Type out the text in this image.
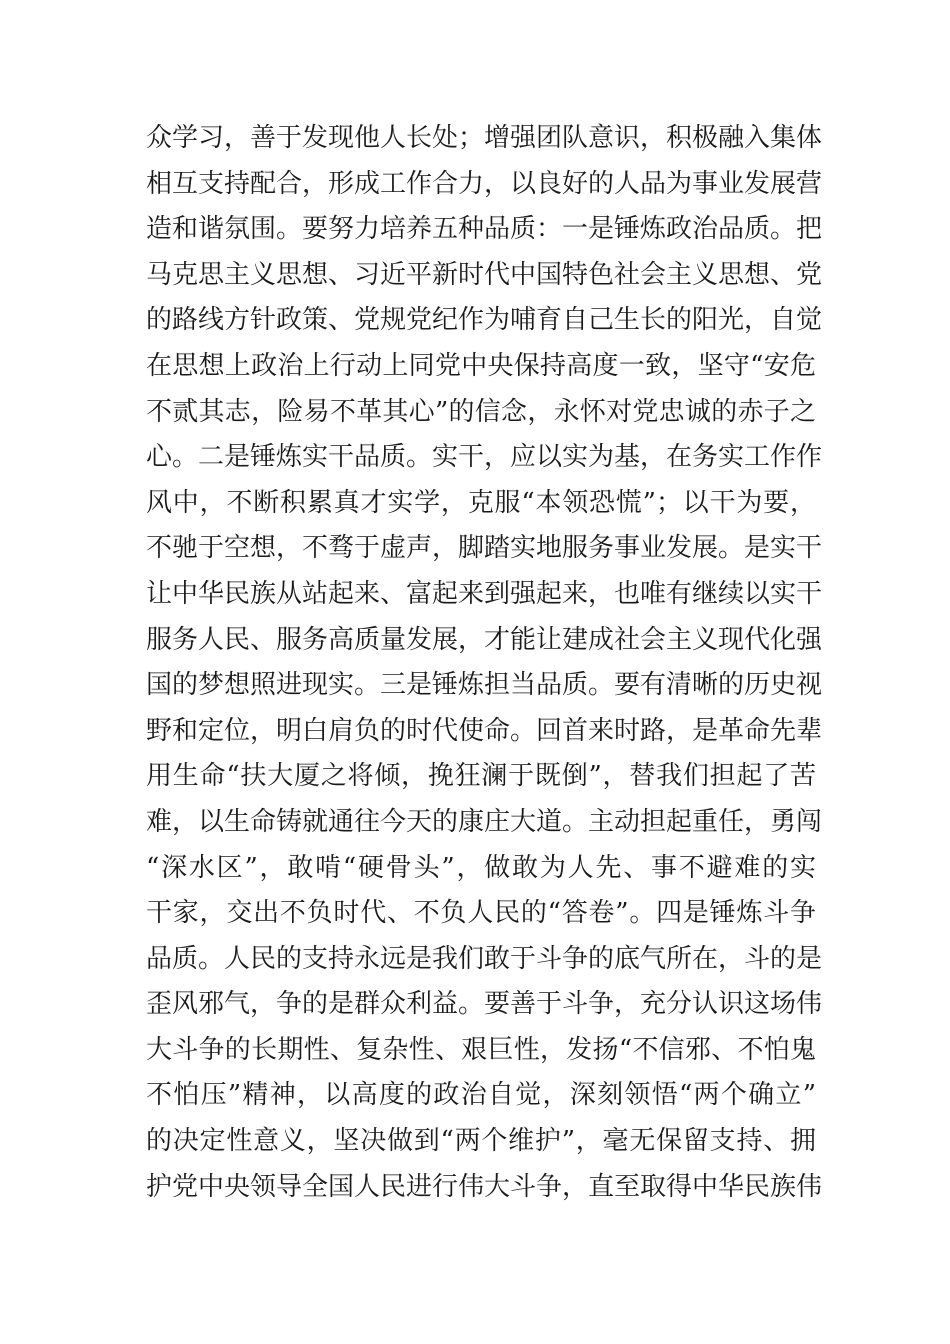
众学习，善于发现他人长处；增强团队意识，积极融入集体
相互支持配合，形成工作合力，以良好的人品为事业发展营
造和谐氛围。要努力培养五种品质：一是锤炼政治品质。把
马克思主义思想、习近平新时代中国特色社会主义思想、党
的路线方针政策、党规党纪作为哺育自己生长的阳光，自觉
在思想上政治上行动上同党中央保持高度一致，坚守“安危
不贰其志，险易不革其心”的信念，永怀对党忠诚的赤子之
心。二是锤炼实干品质。实干，应以实为基，在务实工作作
风中，不断积累真才实学，克服“本领恐慌”；以干为要，
不驰于空想，不骛于虚声，脚踏实地服务事业发展。是实干
让中华民族从站起来、富起来到强起来，也唯有继续以实干
服务人民、服务高质量发展，才能让建成社会主义现代化强
国的梦想照进现实。三是锤炼担当品质。要有清晰的历史视
野和定位，明白肩负的时代使命。回首来时路，是革命先辈
用生命“扶大厦之将倾，挽狂澜于既倒”，替我们担起了苦
难，以生命铸就通往今天的康庄大道。主动担起重任，勇闯
“深水区”，敢啃“硬骨头”，做敢为人先、事不避难的实
干家，交出不负时代、不负人民的“答卷”。四是锤炼斗争
品质。人民的支持永远是我们敢于斗争的底气所在，斗的是
歪风邪气，争的是群众利益。要善于斗争，充分认识这场伟
大斗争的长期性、复杂性、艰巨性，发扬“不信邪、不怕鬼
不怕压”精神，以高度的政治自觉，深刻领悟“两个确立”
的决定性意义，坚决做到“两个维护”，毫无保留支持、拥
护党中央领导全国人民进行伟大斗争，直至取得中华民族伟
